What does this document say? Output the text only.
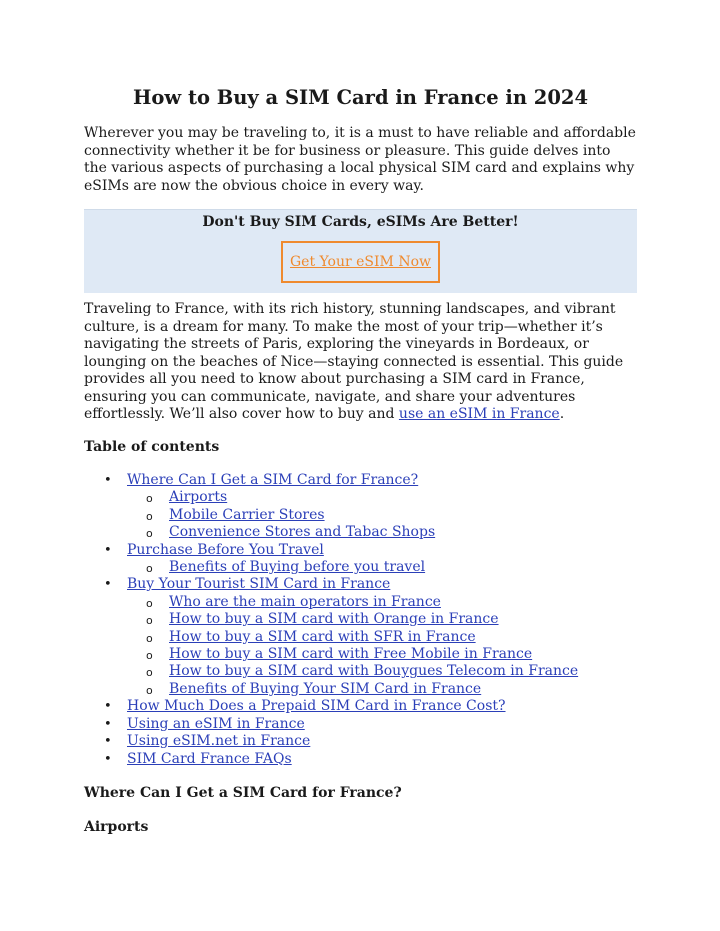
How to Buy a SIM Card in France in 2024

Wherever you may be traveling to, it is a must to have reliable and affordable connectivity whether it be for business or pleasure. This guide delves into the various aspects of purchasing a local physical SIM card and explains why eSIMs are now the obvious choice in every way.

Don't Buy SIM Cards, eSIMs Are Better!
Get Your eSIM Now

Traveling to France, with its rich history, stunning landscapes, and vibrant culture, is a dream for many. To make the most of your trip—whether it’s navigating the streets of Paris, exploring the vineyards in Bordeaux, or lounging on the beaches of Nice—staying connected is essential. This guide provides all you need to know about purchasing a SIM card in France, ensuring you can communicate, navigate, and share your adventures effortlessly. We’ll also cover how to buy and use an eSIM in France.

Table of contents

• Where Can I Get a SIM Card for France?
o Airports
o Mobile Carrier Stores
o Convenience Stores and Tabac Shops
• Purchase Before You Travel
o Benefits of Buying before you travel
• Buy Your Tourist SIM Card in France
o Who are the main operators in France
o How to buy a SIM card with Orange in France
o How to buy a SIM card with SFR in France
o How to buy a SIM card with Free Mobile in France
o How to buy a SIM card with Bouygues Telecom in France
o Benefits of Buying Your SIM Card in France
• How Much Does a Prepaid SIM Card in France Cost?
• Using an eSIM in France
• Using eSIM.net in France
• SIM Card France FAQs

Where Can I Get a SIM Card for France?

Airports
